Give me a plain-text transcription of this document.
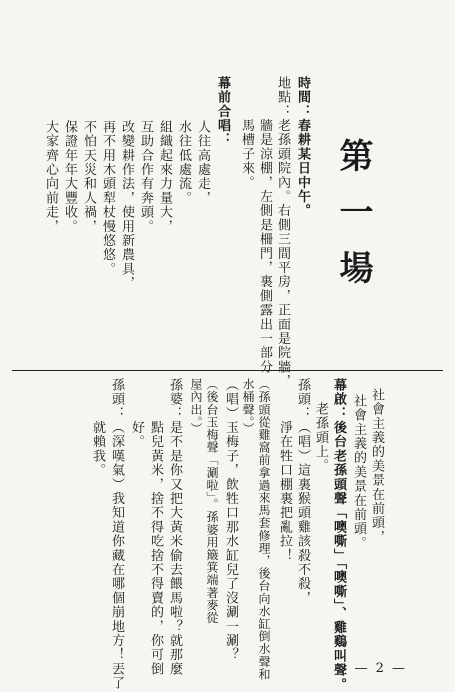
第一場
時間：春耕某日中午。
地點：老孫頭院內。右側三間平房，正面是院牆，
　　　牆是涼棚，左側是柵門，裏側露出一部分
　　　馬槽子來。
幕前合唱：
人往高處走，
水往低處流。
組織起來力量大，
互助合作有奔頭。
改變耕作法，使用新農具，
再不用木頭犁杖慢悠悠。
不怕天災和人禍，
保證年年大豐收。
大家齊心向前走，
社會主義的美景在前頭，
社會主義的美景在前頭。
幕啟：後台老孫頭聲「噢嘶」「噢嘶」、雞鷄叫聲。
老孫頭上。
孫頭：（唱）這裏猴頭雞該殺不殺，
　　　淨在牲口棚裏把亂拉！
（孫頭從雞窩前拿過來馬套修理，後台向水缸倒水聲和
水桶聲。）
（唱）玉梅子，飲牲口那水缸兒了沒涮一涮？
（後台玉梅聲「涮啦」。孫婆用簸箕端著麥從
屋內出。）
孫婆：是不是你又把大黃米偷去餵馬啦？就那麼
　　　點兒黃米，捨不得吃捨不得賣的，你可倒
　　　好。
孫頭：（深嘆氣）我知道你藏在哪個崩地方！丟了
　　　就賴我。
— 2 —
